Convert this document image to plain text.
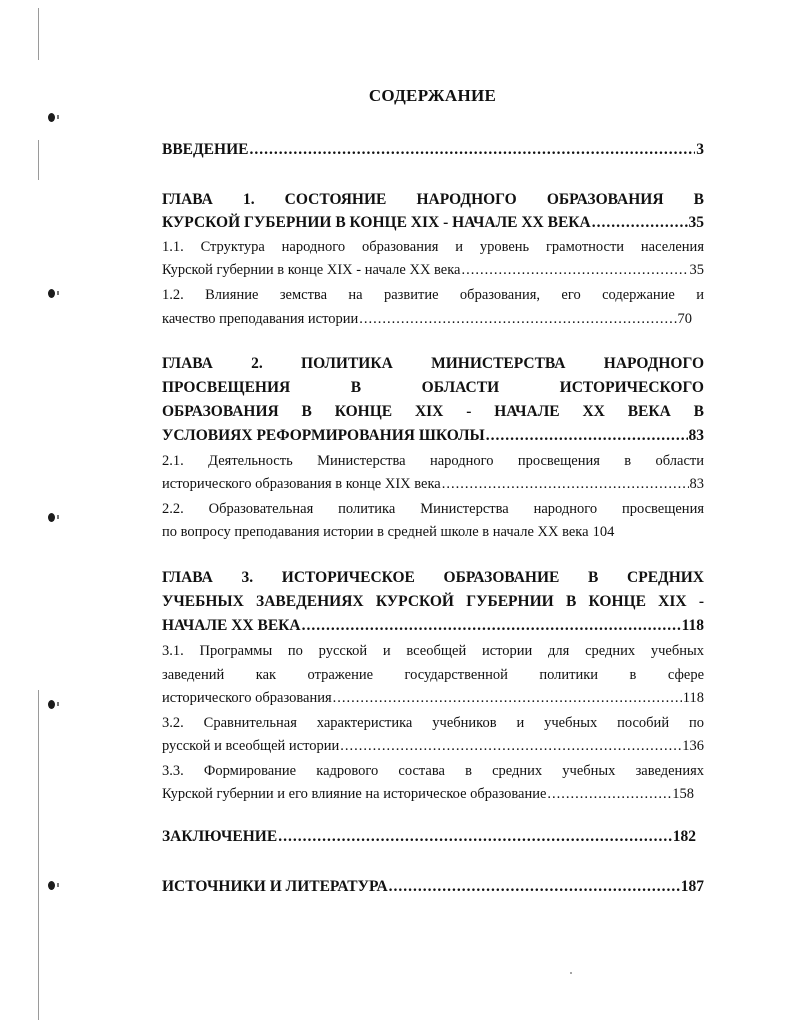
СОДЕРЖАНИЕ
ВВЕДЕНИЕ .....	3
ГЛАВА 1. СОСТОЯНИЕ НАРОДНОГО ОБРАЗОВАНИЯ В
КУРСКОЙ ГУБЕРНИИ В КОНЦЕ XIX - НАЧАЛЕ XX ВЕКА .....	35
1.1. Структура народного образования и уровень грамотности населения
Курской губернии в конце XIX - начале XX века .....	35
1.2. Влияние земства на развитие образования, его содержание и
качество преподавания истории .....	70
ГЛАВА 2. ПОЛИТИКА МИНИСТЕРСТВА НАРОДНОГО
ПРОСВЕЩЕНИЯ В ОБЛАСТИ ИСТОРИЧЕСКОГО
ОБРАЗОВАНИЯ В КОНЦЕ XIX - НАЧАЛЕ XX ВЕКА В
УСЛОВИЯХ РЕФОРМИРОВАНИЯ ШКОЛЫ .....	83
2.1. Деятельность Министерства народного просвещения в области
исторического образования в конце XIX века .....	83
2.2. Образовательная политика Министерства народного просвещения
по вопросу преподавания истории в средней школе в начале XX века 104
ГЛАВА 3. ИСТОРИЧЕСКОЕ ОБРАЗОВАНИЕ В СРЕДНИХ
УЧЕБНЫХ ЗАВЕДЕНИЯХ КУРСКОЙ ГУБЕРНИИ В КОНЦЕ XIX -
НАЧАЛЕ XX ВЕКА .....	118
3.1. Программы по русской и всеобщей истории для средних учебных
заведений как отражение государственной политики в сфере
исторического образования .....	118
3.2. Сравнительная характеристика учебников и учебных пособий по
русской и всеобщей истории .....	136
3.3. Формирование кадрового состава в средних учебных заведениях
Курской губернии и его влияние на историческое образование .....	158
ЗАКЛЮЧЕНИЕ .....	182
ИСТОЧНИКИ И ЛИТЕРАТУРА .....	187
